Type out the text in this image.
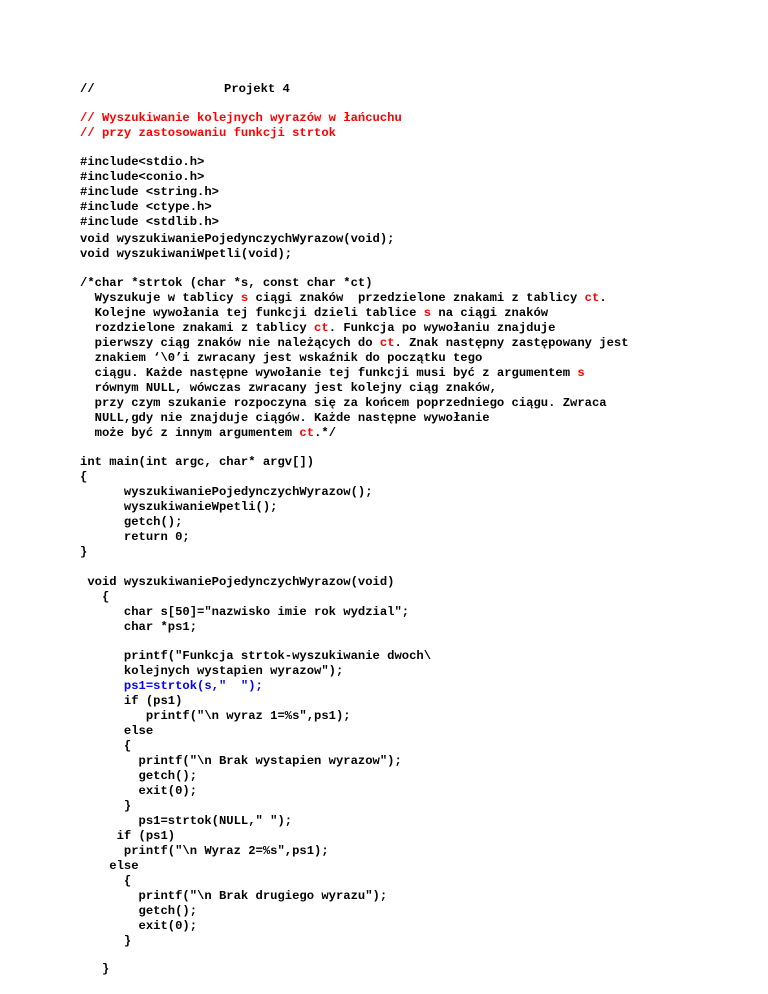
//	Projekt 4
// Wyszukiwanie kolejnych wyrazów w łańcuchu
// przy zastosowaniu funkcji strtok
#include<stdio.h>
#include<conio.h>
#include <string.h>
#include <ctype.h>
#include <stdlib.h>
void wyszukiwaniePojedynczychWyrazow(void);
void wyszukiwaniWpetli(void);
/*char *strtok (char *s, const char *ct)
Wyszukuje w tablicy s ciągi znaków  przedzielone znakami z tablicy ct.
Kolejne wywołania tej funkcji dzieli tablice s na ciągi znaków
rozdzielone znakami z tablicy ct. Funkcja po wywołaniu znajduje
pierwszy ciąg znaków nie należących do ct. Znak następny zastępowany jest
znakiem ‘\0’i zwracany jest wskaźnik do początku tego
ciągu. Każde następne wywołanie tej funkcji musi być z argumentem s
równym NULL, wówczas zwracany jest kolejny ciąg znaków,
przy czym szukanie rozpoczyna się za końcem poprzedniego ciągu. Zwraca
NULL,gdy nie znajduje ciągów. Każde następne wywołanie
może być z innym argumentem ct.*/
int main(int argc, char* argv[])
{
wyszukiwaniePojedynczychWyrazow();
wyszukiwanieWpetli();
getch();
return 0;
}
void wyszukiwaniePojedynczychWyrazow(void)
{
char s[50]="nazwisko imie rok wydzial";
char *ps1;
printf("Funkcja strtok-wyszukiwanie dwoch\
kolejnych wystapien wyrazow");
ps1=strtok(s,"  ");
if (ps1)
printf("\n wyraz 1=%s",ps1);
else
{
printf("\n Brak wystapien wyrazow");
getch();
exit(0);
}
ps1=strtok(NULL," ");
if (ps1)
printf("\n Wyraz 2=%s",ps1);
else
{
printf("\n Brak drugiego wyrazu");
getch();
exit(0);
}
}
